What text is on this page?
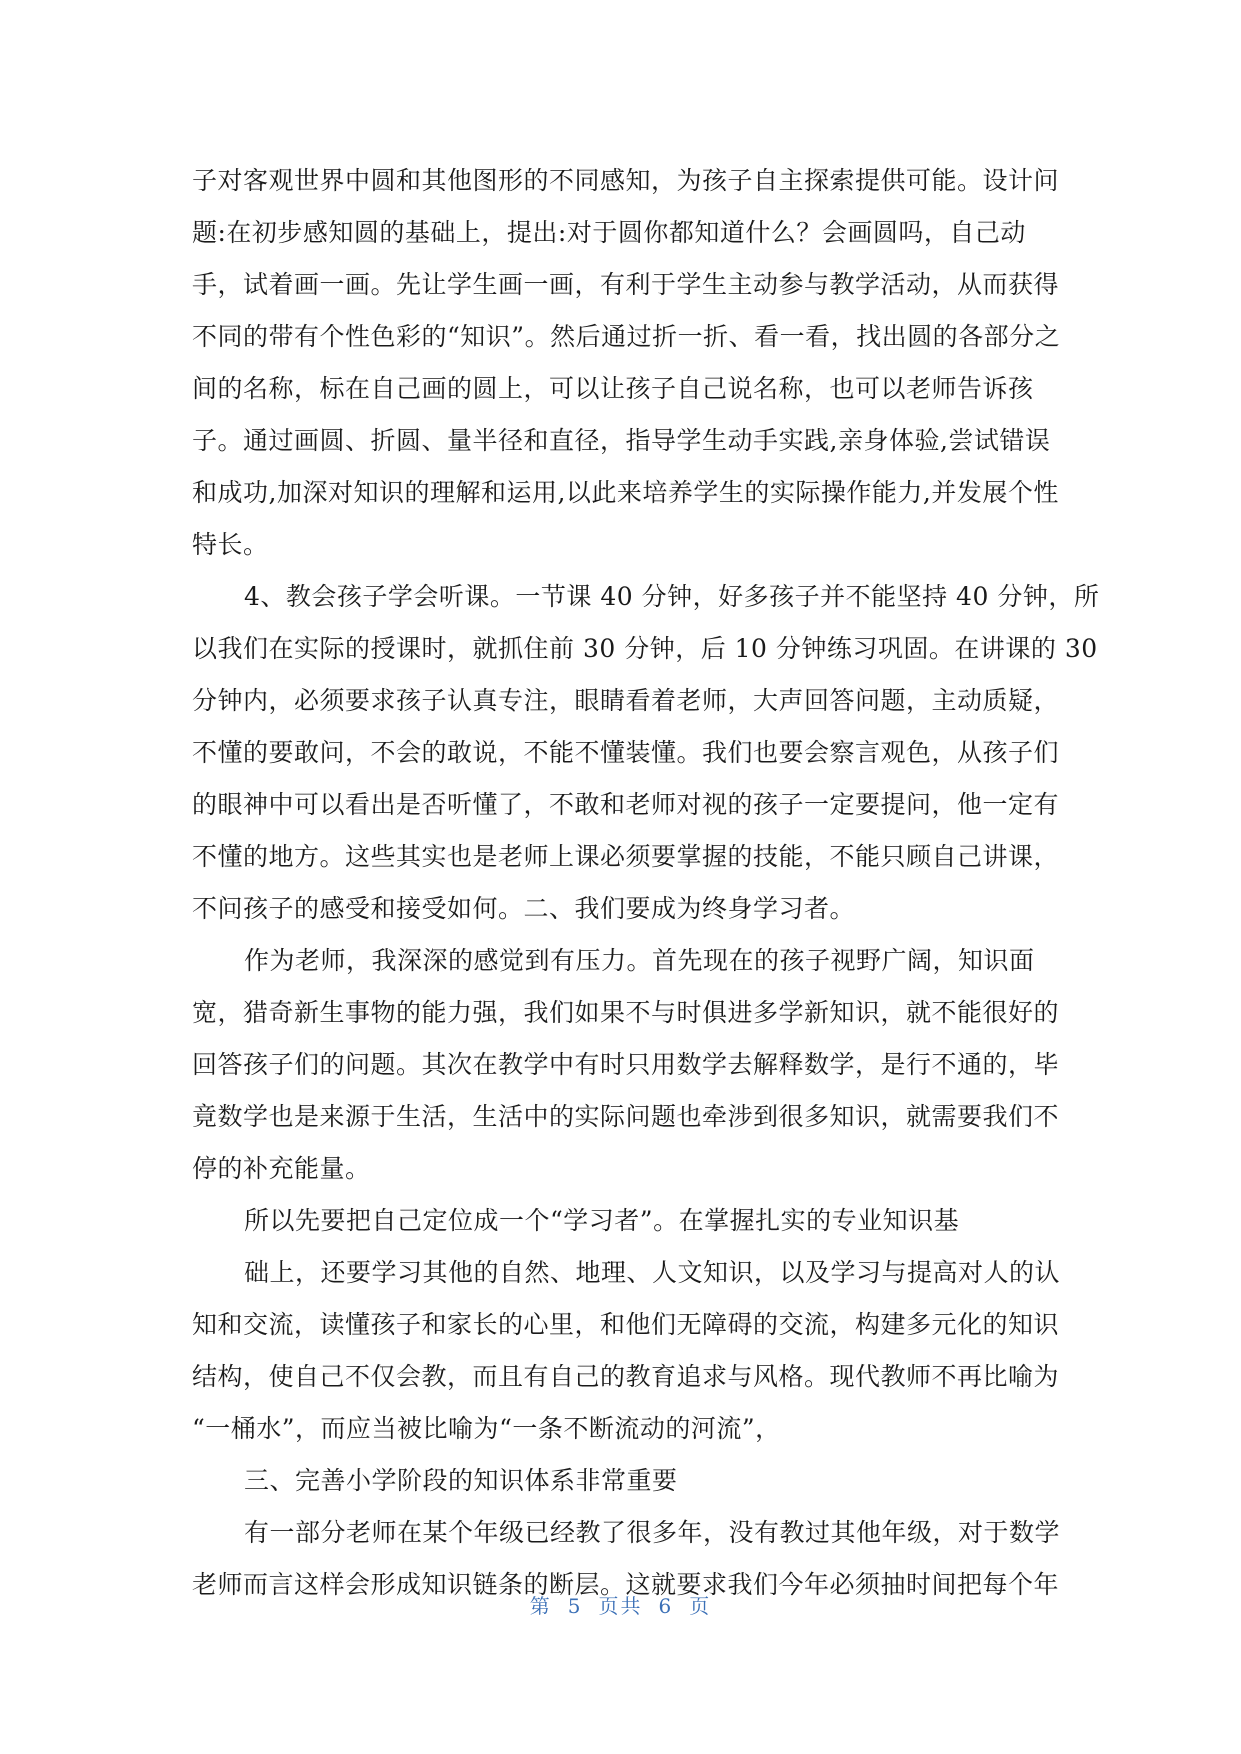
子对客观世界中圆和其他图形的不同感知，为孩子自主探索提供可能。设计问
题:在初步感知圆的基础上，提出:对于圆你都知道什么？会画圆吗，自己动
手，试着画一画。先让学生画一画，有利于学生主动参与教学活动，从而获得
不同的带有个性色彩的“知识”。然后通过折一折、看一看，找出圆的各部分之
间的名称，标在自己画的圆上，可以让孩子自己说名称，也可以老师告诉孩
子。通过画圆、折圆、量半径和直径，指导学生动手实践,亲身体验,尝试错误
和成功,加深对知识的理解和运用,以此来培养学生的实际操作能力,并发展个性
特长。
4、教会孩子学会听课。一节课 40 分钟，好多孩子并不能坚持 40 分钟，所
以我们在实际的授课时，就抓住前 30 分钟，后 10 分钟练习巩固。在讲课的 30
分钟内，必须要求孩子认真专注，眼睛看着老师，大声回答问题，主动质疑，
不懂的要敢问，不会的敢说，不能不懂装懂。我们也要会察言观色，从孩子们
的眼神中可以看出是否听懂了，不敢和老师对视的孩子一定要提问，他一定有
不懂的地方。这些其实也是老师上课必须要掌握的技能，不能只顾自己讲课，
不问孩子的感受和接受如何。二、我们要成为终身学习者。
作为老师，我深深的感觉到有压力。首先现在的孩子视野广阔，知识面
宽，猎奇新生事物的能力强，我们如果不与时俱进多学新知识，就不能很好的
回答孩子们的问题。其次在教学中有时只用数学去解释数学，是行不通的，毕
竟数学也是来源于生活，生活中的实际问题也牵涉到很多知识，就需要我们不
停的补充能量。
所以先要把自己定位成一个“学习者”。在掌握扎实的专业知识基
础上，还要学习其他的自然、地理、人文知识，以及学习与提高对人的认
知和交流，读懂孩子和家长的心里，和他们无障碍的交流，构建多元化的知识
结构，使自己不仅会教，而且有自己的教育追求与风格。现代教师不再比喻为
“一桶水”，而应当被比喻为“一条不断流动的河流”，
三、完善小学阶段的知识体系非常重要
有一部分老师在某个年级已经教了很多年，没有教过其他年级，对于数学
老师而言这样会形成知识链条的断层。这就要求我们今年必须抽时间把每个年
第 5 页共 6 页
